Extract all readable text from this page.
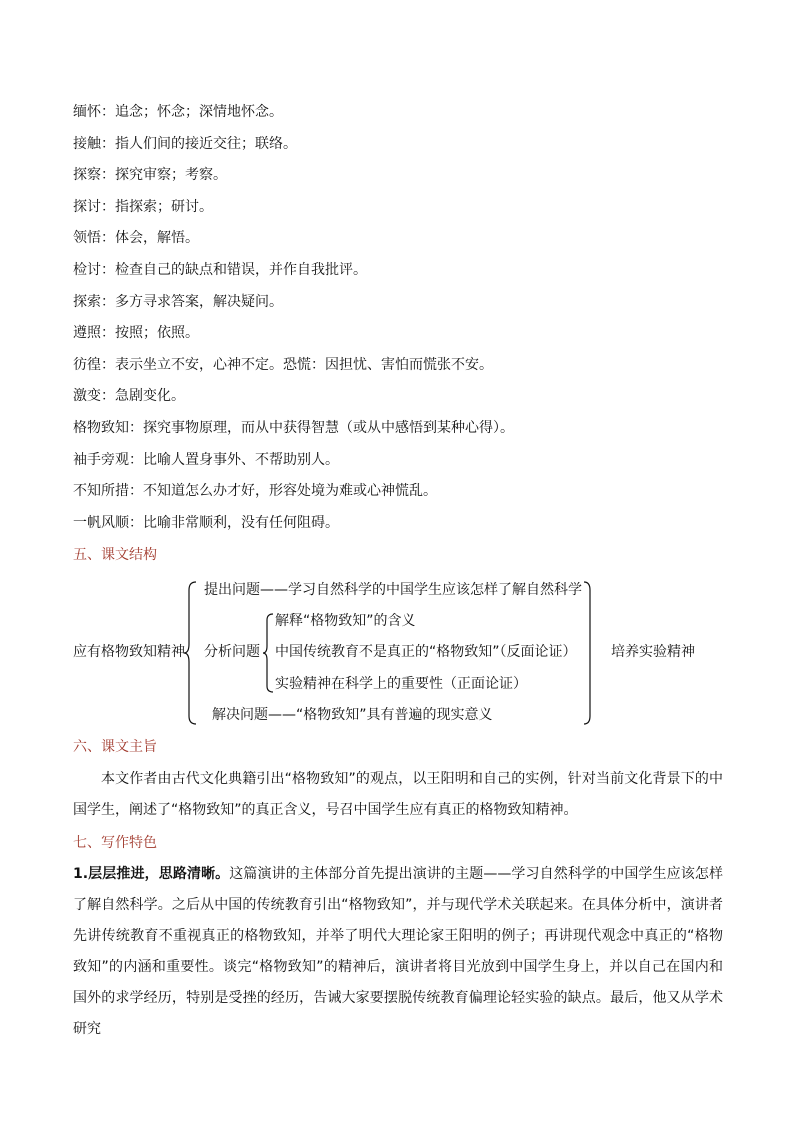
缅怀：追念；怀念；深情地怀念。
接触：指人们间的接近交往；联络。
探察：探究审察；考察。
探讨：指探索；研讨。
领悟：体会，解悟。
检讨：检查自己的缺点和错误，并作自我批评。
探索：多方寻求答案，解决疑问。
遵照：按照；依照。
彷徨：表示坐立不安，心神不定。恐慌：因担忧、害怕而慌张不安。
激变：急剧变化。
格物致知：探究事物原理，而从中获得智慧（或从中感悟到某种心得）。
袖手旁观：比喻人置身事外、不帮助别人。
不知所措：不知道怎么办才好，形容处境为难或心神慌乱。
一帆风顺：比喻非常顺利，没有任何阻碍。
五、课文结构
应有格物致知精神
提出问题——学习自然科学的中国学生应该怎样了解自然科学
分析问题
解释“格物致知”的含义
中国传统教育不是真正的“格物致知”（反面论证）
实验精神在科学上的重要性（正面论证）
解决问题——“格物致知”具有普遍的现实意义
培养实验精神
六、课文主旨

本文作者由古代文化典籍引出“格物致知”的观点，以王阳明和自己的实例，针对当前文化背景下的中国学生，阐述了“格物致知”的真正含义，号召中国学生应有真正的格物致知精神。

七、写作特色

1.层层推进，思路清晰。这篇演讲的主体部分首先提出演讲的主题——学习自然科学的中国学生应该怎样了解自然科学。之后从中国的传统教育引出“格物致知”，并与现代学术关联起来。在具体分析中，演讲者先讲传统教育不重视真正的格物致知，并举了明代大理论家王阳明的例子；再讲现代观念中真正的“格物致知”的内涵和重要性。谈完“格物致知”的精神后，演讲者将目光放到中国学生身上，并以自己在国内和国外的求学经历，特别是受挫的经历，告诫大家要摆脱传统教育偏理论轻实验的缺点。最后，他又从学术研究
